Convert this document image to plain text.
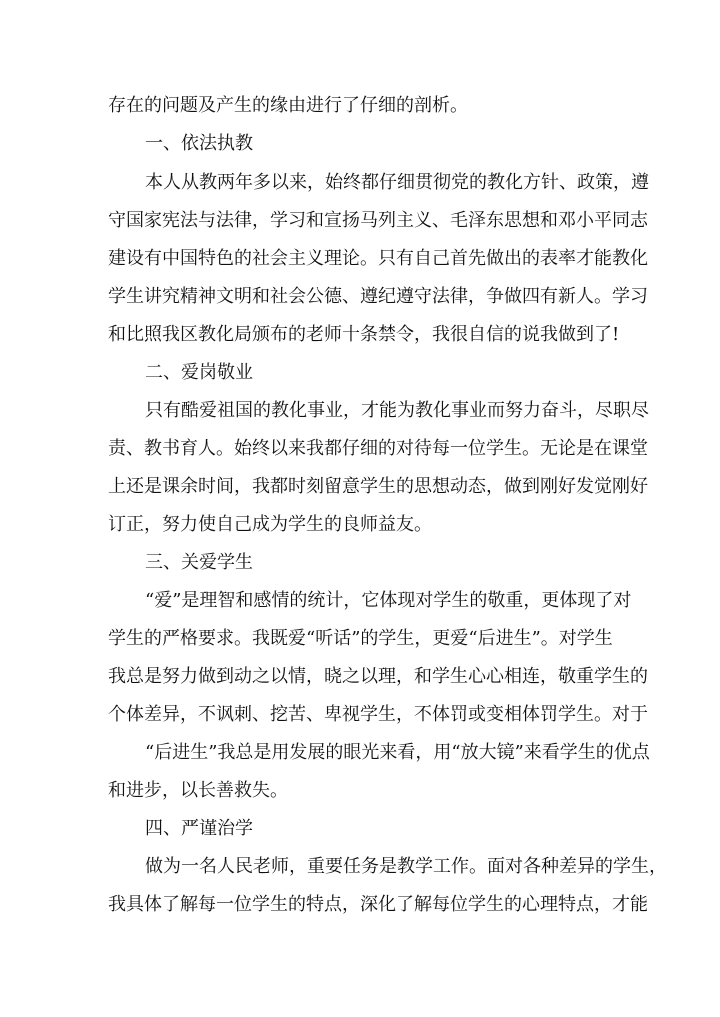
存在的问题及产生的缘由进行了仔细的剖析。
一、依法执教
本人从教两年多以来，始终都仔细贯彻党的教化方针、政策，遵
守国家宪法与法律，学习和宣扬马列主义、毛泽东思想和邓小平同志
建设有中国特色的社会主义理论。只有自己首先做出的表率才能教化
学生讲究精神文明和社会公德、遵纪遵守法律，争做四有新人。学习
和比照我区教化局颁布的老师十条禁令，我很自信的说我做到了!
二、爱岗敬业
只有酷爱祖国的教化事业，才能为教化事业而努力奋斗，尽职尽
责、教书育人。始终以来我都仔细的对待每一位学生。无论是在课堂
上还是课余时间，我都时刻留意学生的思想动态，做到刚好发觉刚好
订正，努力使自己成为学生的良师益友。
三、关爱学生
“爱”是理智和感情的统计，它体现对学生的敬重，更体现了对
学生的严格要求。我既爱“听话”的学生，更爱“后进生”。对学生
我总是努力做到动之以情，晓之以理，和学生心心相连，敬重学生的
个体差异，不讽刺、挖苦、卑视学生，不体罚或变相体罚学生。对于
“后进生”我总是用发展的眼光来看，用“放大镜”来看学生的优点
和进步，以长善救失。
四、严谨治学
做为一名人民老师，重要任务是教学工作。面对各种差异的学生，
我具体了解每一位学生的特点，深化了解每位学生的心理特点，才能
